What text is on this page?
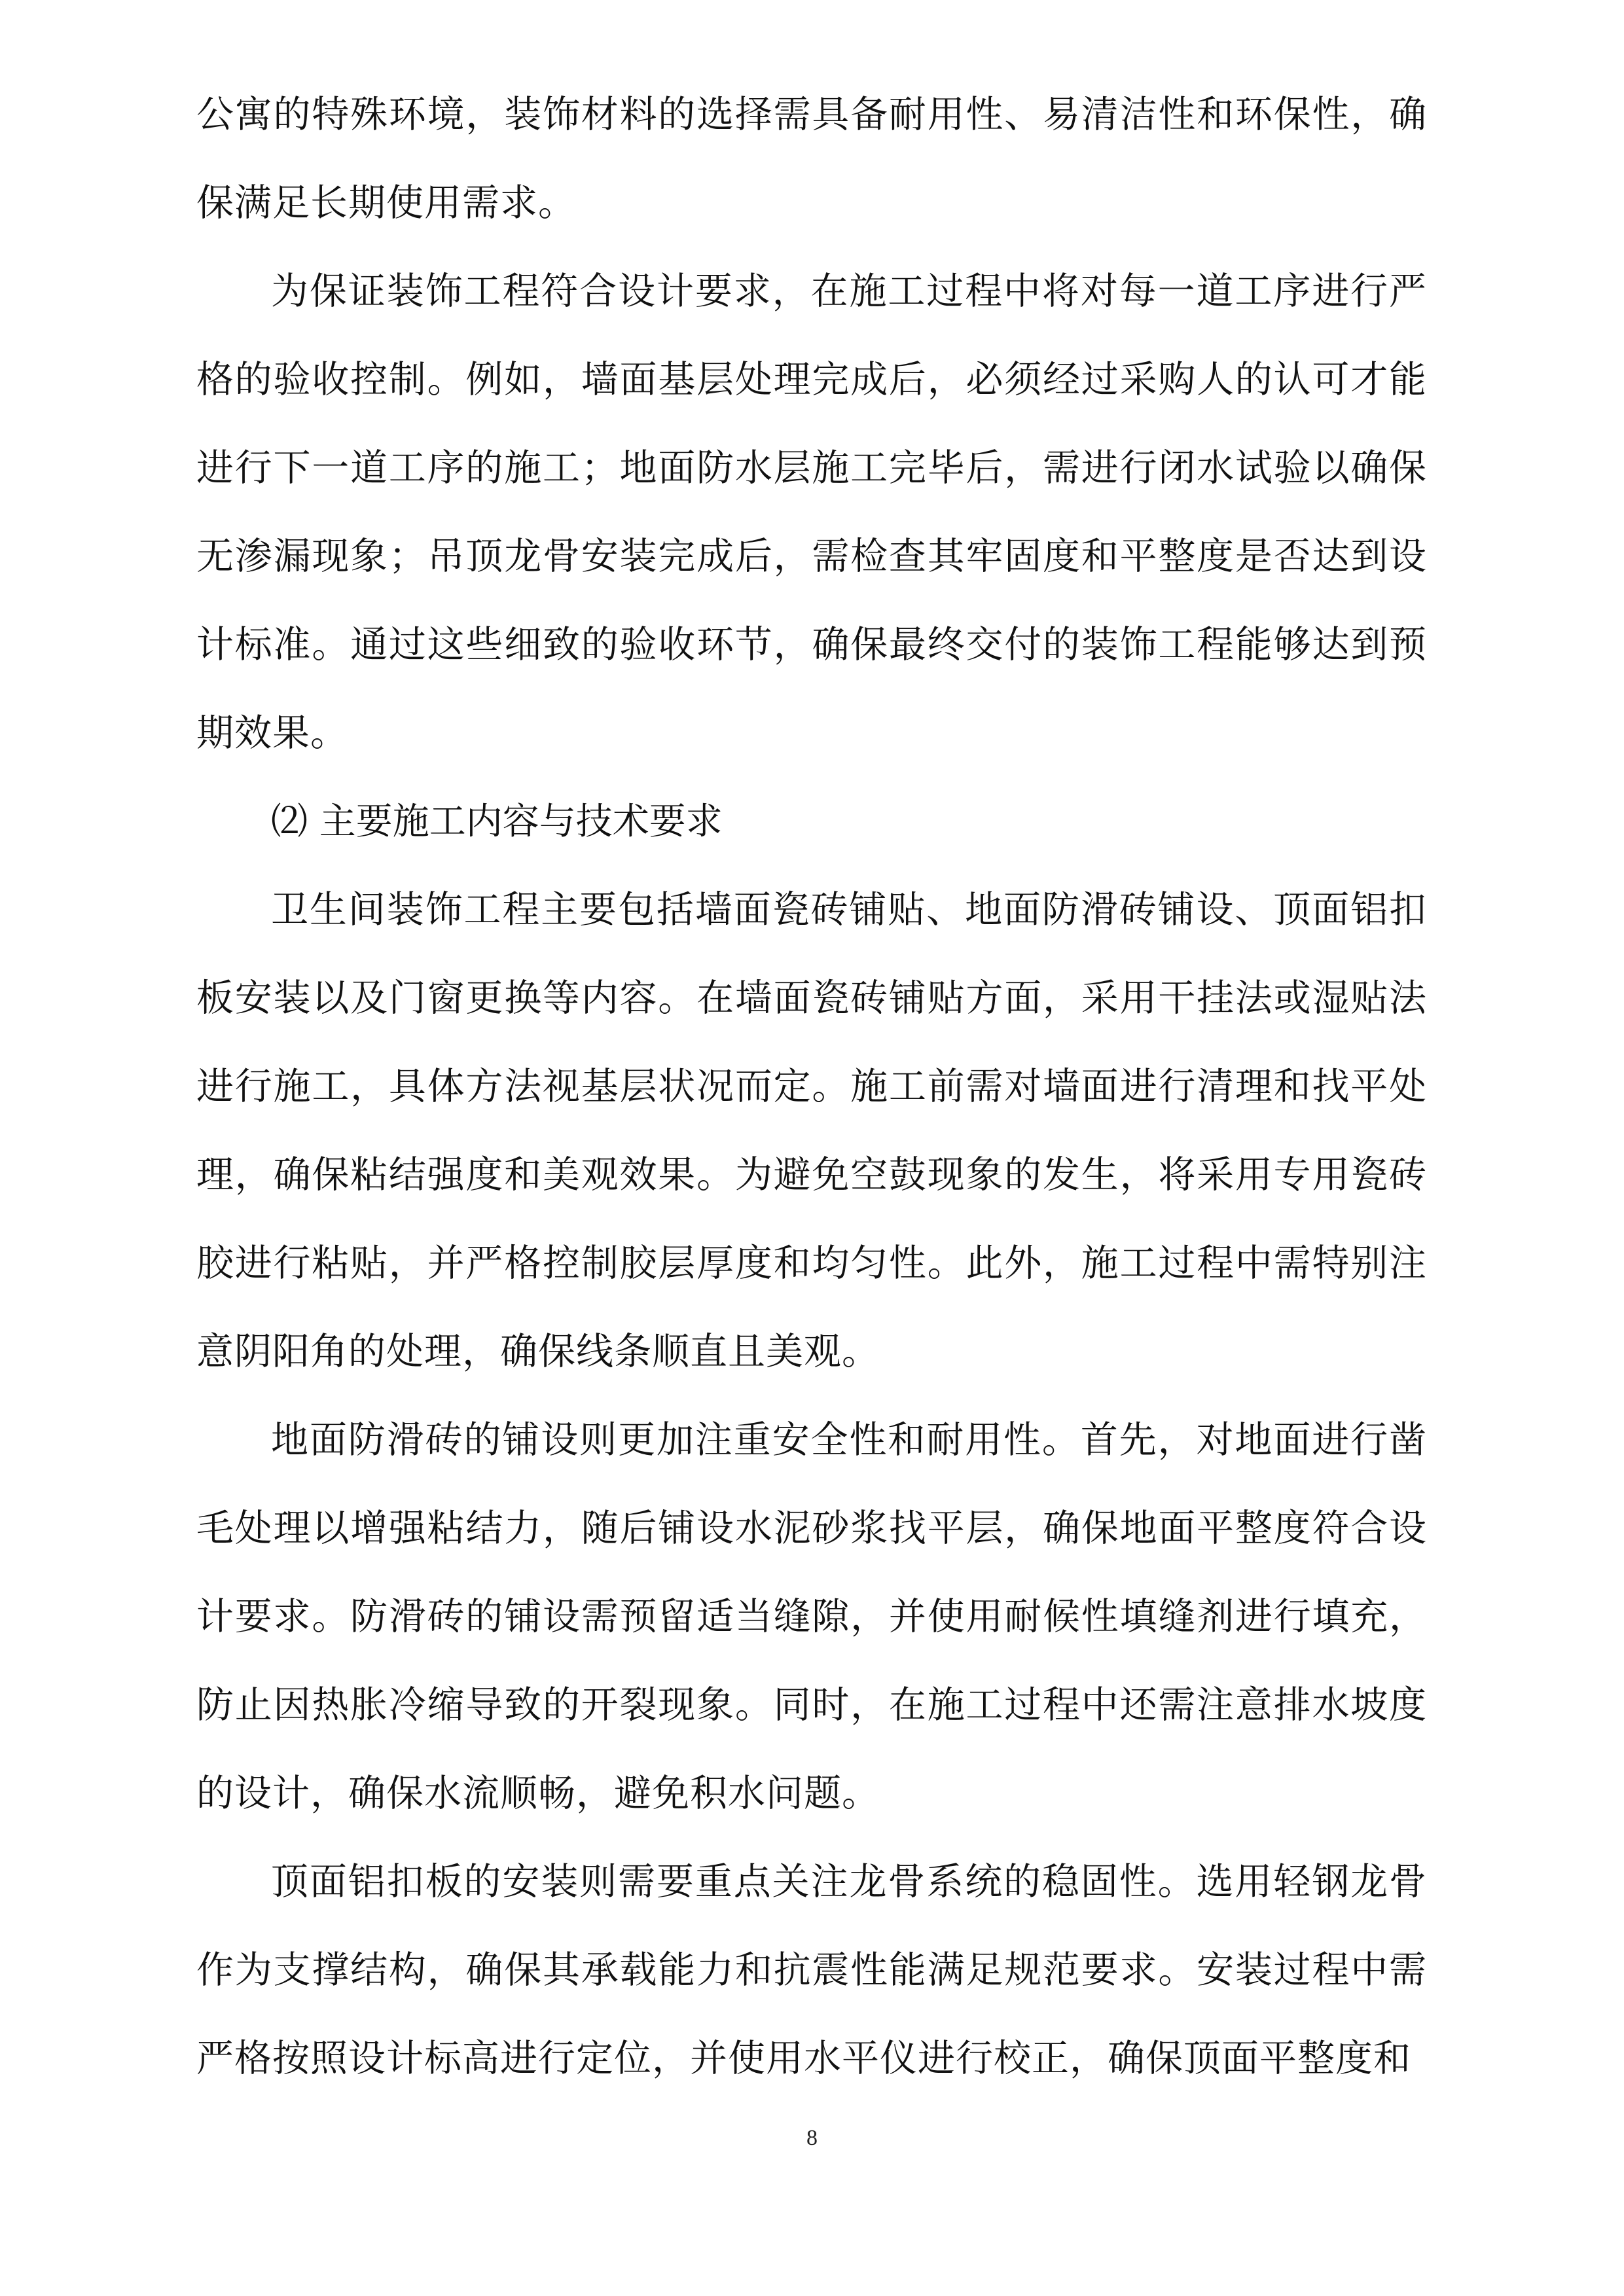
公寓的特殊环境，装饰材料的选择需具备耐用性、易清洁性和环保性，确保满足长期使用需求。

为保证装饰工程符合设计要求，在施工过程中将对每一道工序进行严格的验收控制。例如，墙面基层处理完成后，必须经过采购人的认可才能进行下一道工序的施工；地面防水层施工完毕后，需进行闭水试验以确保无渗漏现象；吊顶龙骨安装完成后，需检查其牢固度和平整度是否达到设计标准。通过这些细致的验收环节，确保最终交付的装饰工程能够达到预期效果。

⑵ 主要施工内容与技术要求

卫生间装饰工程主要包括墙面瓷砖铺贴、地面防滑砖铺设、顶面铝扣板安装以及门窗更换等内容。在墙面瓷砖铺贴方面，采用干挂法或湿贴法进行施工，具体方法视基层状况而定。施工前需对墙面进行清理和找平处理，确保粘结强度和美观效果。为避免空鼓现象的发生，将采用专用瓷砖胶进行粘贴，并严格控制胶层厚度和均匀性。此外，施工过程中需特别注意阴阳角的处理，确保线条顺直且美观。

地面防滑砖的铺设则更加注重安全性和耐用性。首先，对地面进行凿毛处理以增强粘结力，随后铺设水泥砂浆找平层，确保地面平整度符合设计要求。防滑砖的铺设需预留适当缝隙，并使用耐候性填缝剂进行填充，防止因热胀冷缩导致的开裂现象。同时，在施工过程中还需注意排水坡度的设计，确保水流顺畅，避免积水问题。

顶面铝扣板的安装则需要重点关注龙骨系统的稳固性。选用轻钢龙骨作为支撑结构，确保其承载能力和抗震性能满足规范要求。安装过程中需严格按照设计标高进行定位，并使用水平仪进行校正，确保顶面平整度和

8
